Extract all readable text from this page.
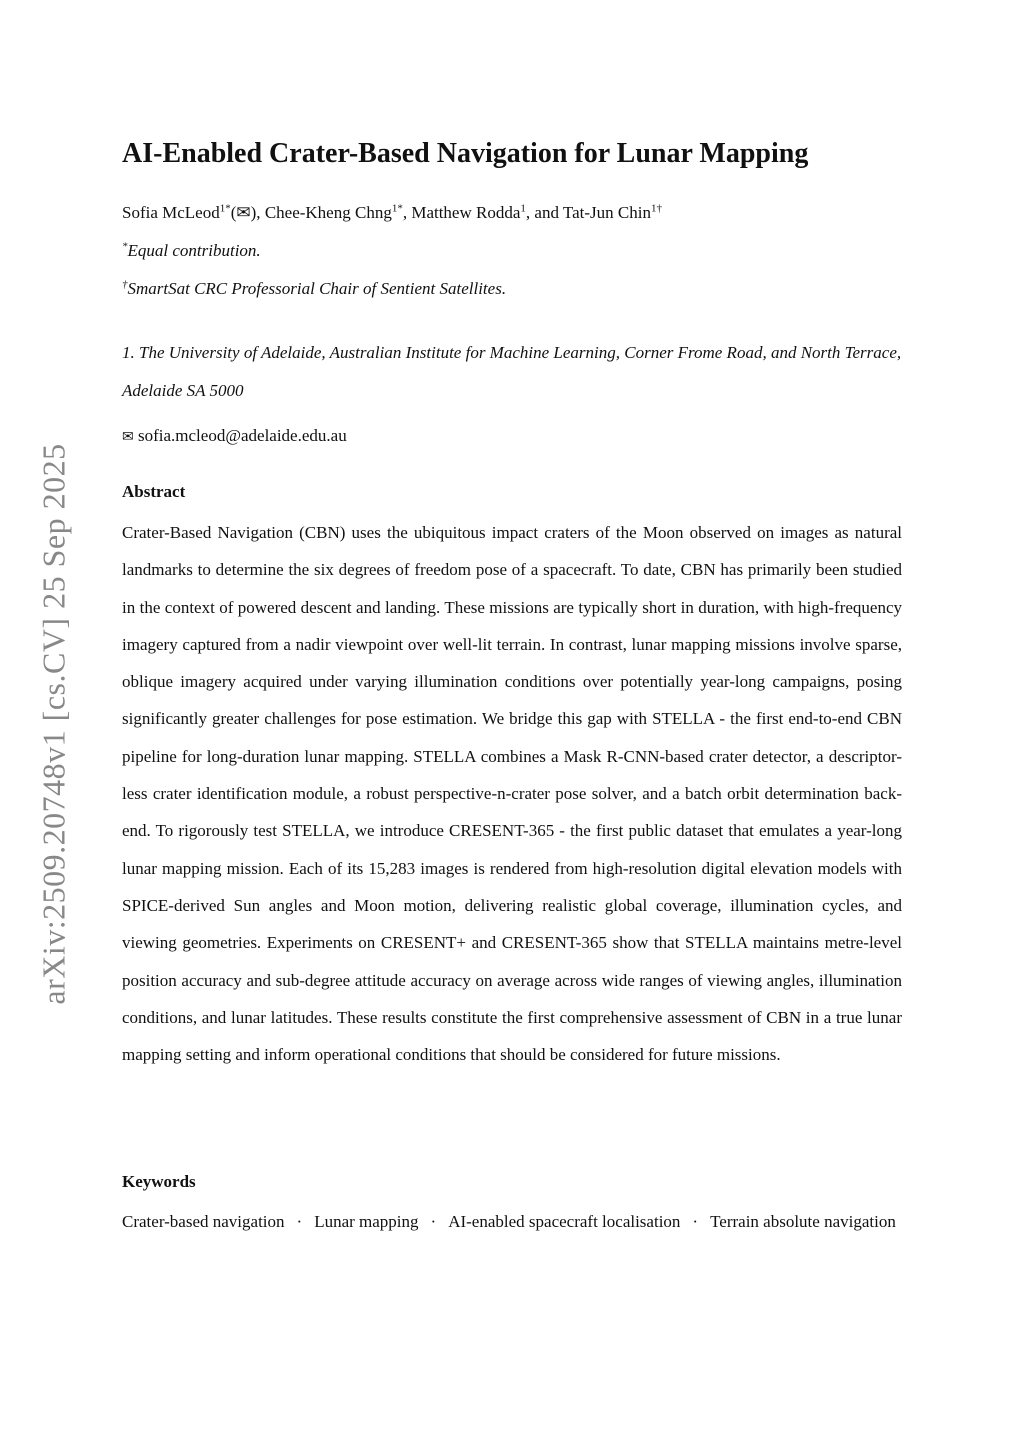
arXiv:2509.20748v1 [cs.CV] 25 Sep 2025
AI-Enabled Crater-Based Navigation for Lunar Mapping
Sofia McLeod$^{1*}$(✉), Chee-Kheng Chng$^{1*}$, Matthew Rodda$^1$, and Tat-Jun Chin$^{1\dagger}$
*Equal contribution.
†SmartSat CRC Professorial Chair of Sentient Satellites.
1. The University of Adelaide, Australian Institute for Machine Learning, Corner Frome Road, and North Terrace, Adelaide SA 5000
✉ sofia.mcleod@adelaide.edu.au
Abstract

Crater-Based Navigation (CBN) uses the ubiquitous impact craters of the Moon observed on images as natural landmarks to determine the six degrees of freedom pose of a spacecraft. To date, CBN has primarily been studied in the context of powered descent and landing. These missions are typically short in duration, with high-frequency imagery captured from a nadir viewpoint over well-lit terrain. In contrast, lunar mapping missions involve sparse, oblique imagery acquired under varying illumination conditions over potentially year-long campaigns, posing significantly greater challenges for pose estimation. We bridge this gap with STELLA - the first end-to-end CBN pipeline for long-duration lunar mapping. STELLA combines a Mask R-CNN-based crater detector, a descriptor-less crater identification module, a robust perspective-n-crater pose solver, and a batch orbit determination back-end. To rigorously test STELLA, we introduce CRESENT-365 - the first public dataset that emulates a year-long lunar mapping mission. Each of its 15,283 images is rendered from high-resolution digital elevation models with SPICE-derived Sun angles and Moon motion, delivering realistic global coverage, illumination cycles, and viewing geometries. Experiments on CRESENT+ and CRESENT-365 show that STELLA maintains metre-level position accuracy and sub-degree attitude accuracy on average across wide ranges of viewing angles, illumination conditions, and lunar latitudes. These results constitute the first comprehensive assessment of CBN in a true lunar mapping setting and inform operational conditions that should be considered for future missions.

Keywords
Crater-based navigation · Lunar mapping · AI-enabled spacecraft localisation · Terrain absolute navigation
